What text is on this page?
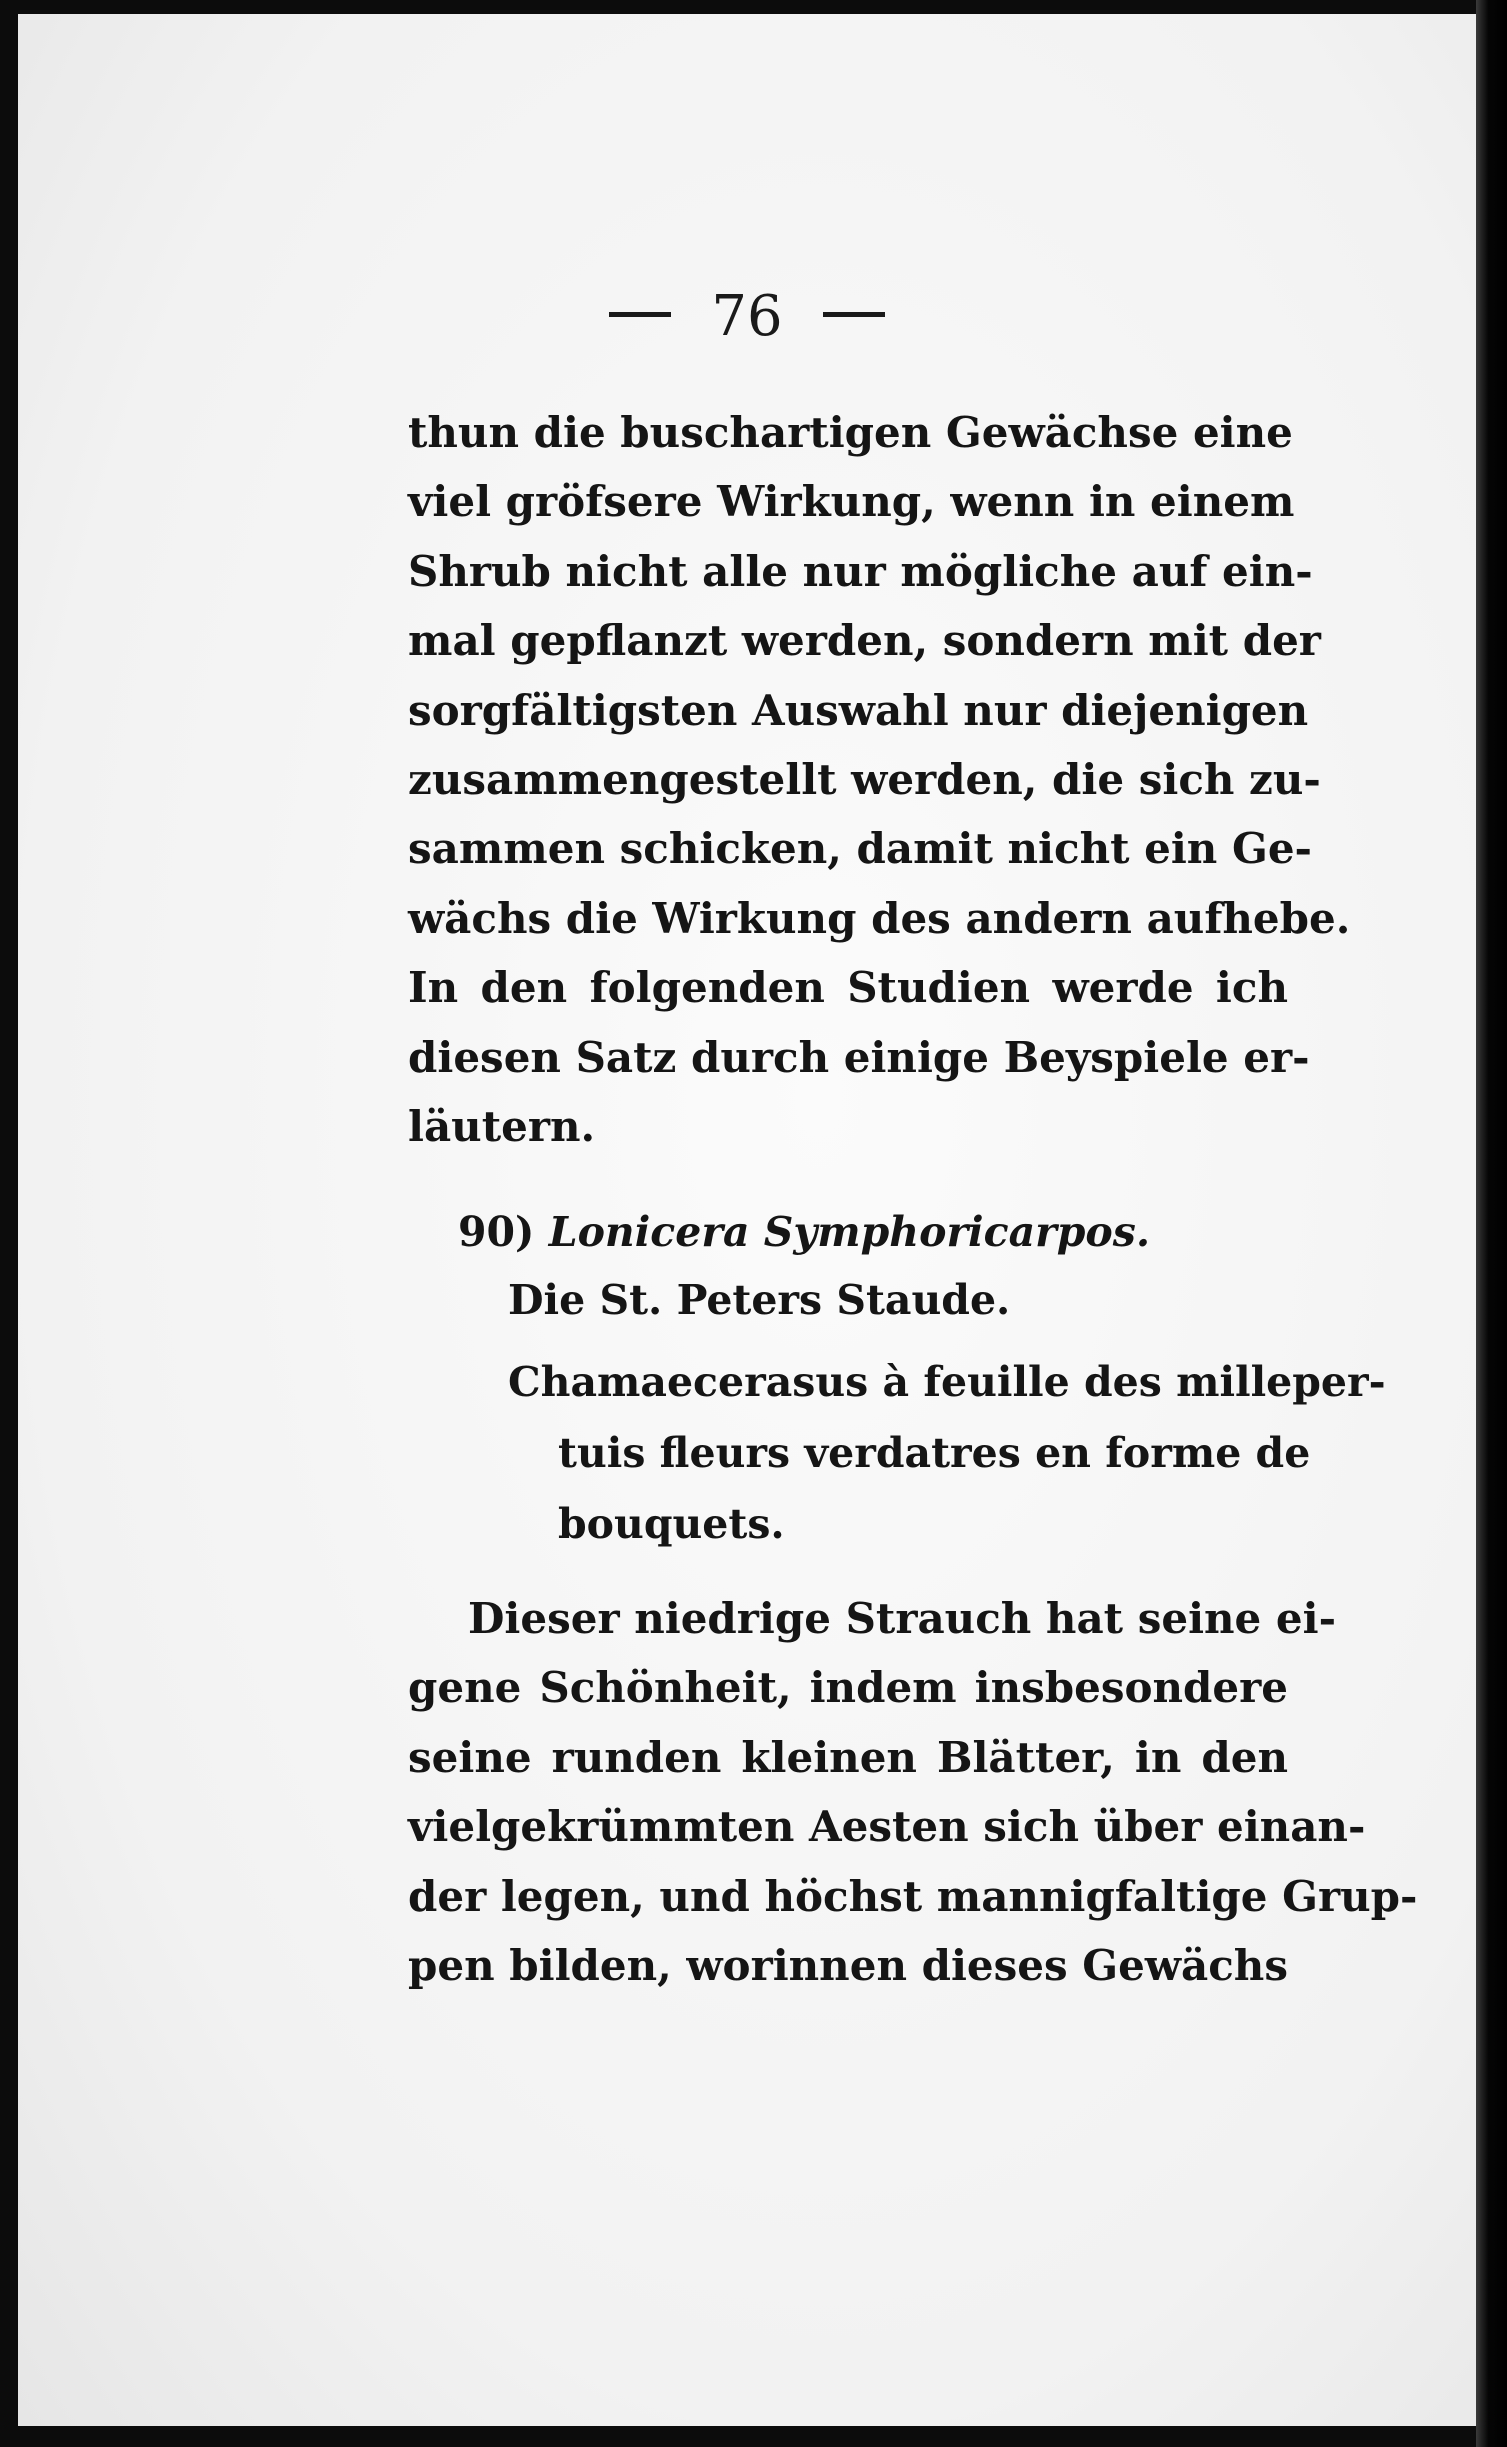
76
thun die buschartigen Gewächse eine
viel gröfsere Wirkung, wenn in einem
Shrub nicht alle nur mögliche auf ein-
mal gepflanzt werden, sondern mit der
sorgfältigsten Auswahl nur diejenigen
zusammengestellt werden, die sich zu-
sammen schicken, damit nicht ein Ge-
wächs die Wirkung des andern aufhebe.
In den folgenden Studien werde ich
diesen Satz durch einige Beyspiele er-
läutern.
90) Lonicera Symphoricarpos.
Die St. Peters Staude.
Chamaecerasus à feuille des milleper-
tuis fleurs verdatres en forme de
bouquets.
Dieser niedrige Strauch hat seine ei-
gene Schönheit, indem insbesondere
seine runden kleinen Blätter, in den
vielgekrümmten Aesten sich über einan-
der legen, und höchst mannigfaltige Grup-
pen bilden, worinnen dieses Gewächs
